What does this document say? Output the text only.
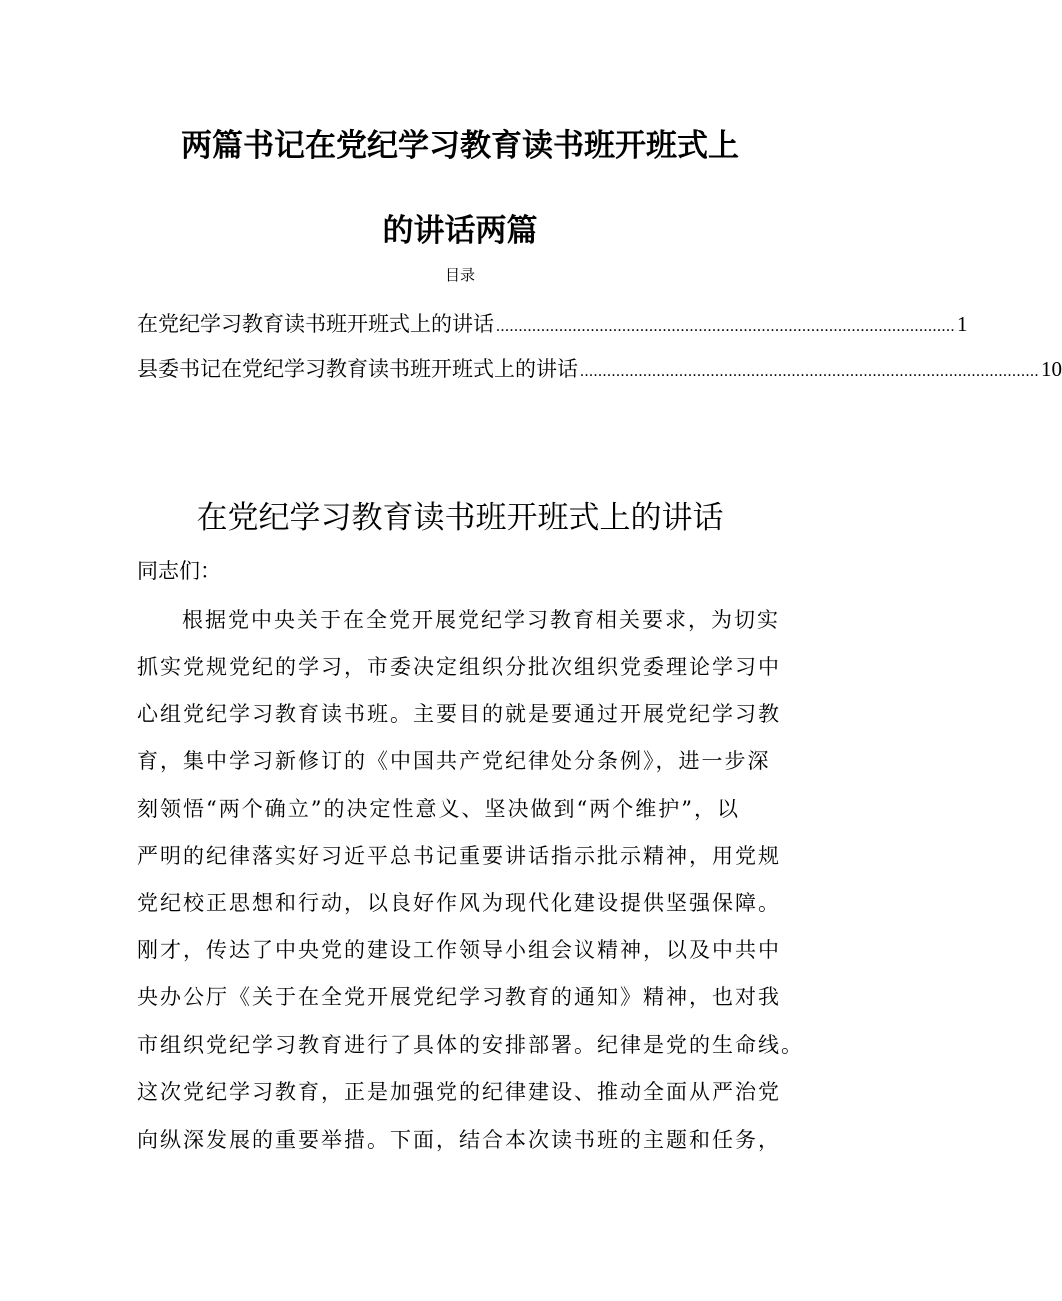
两篇书记在党纪学习教育读书班开班式上
的讲话两篇
目录
在党纪学习教育读书班开班式上的讲话 ...................................................................................................... 1
县委书记在党纪学习教育读书班开班式上的讲话 ...................................................................................................... 10
在党纪学习教育读书班开班式上的讲话
同志们：
根据党中央关于在全党开展党纪学习教育相关要求，为切实
抓实党规党纪的学习，市委决定组织分批次组织党委理论学习中
心组党纪学习教育读书班。主要目的就是要通过开展党纪学习教
育，集中学习新修订的《中国共产党纪律处分条例》，进一步深
刻领悟“两个确立”的决定性意义、坚决做到“两个维护”，以
严明的纪律落实好习近平总书记重要讲话指示批示精神，用党规
党纪校正思想和行动，以良好作风为现代化建设提供坚强保障。
刚才，传达了中央党的建设工作领导小组会议精神，以及中共中
央办公厅《关于在全党开展党纪学习教育的通知》精神，也对我
市组织党纪学习教育进行了具体的安排部署。纪律是党的生命线。
这次党纪学习教育，正是加强党的纪律建设、推动全面从严治党
向纵深发展的重要举措。下面，结合本次读书班的主题和任务，
